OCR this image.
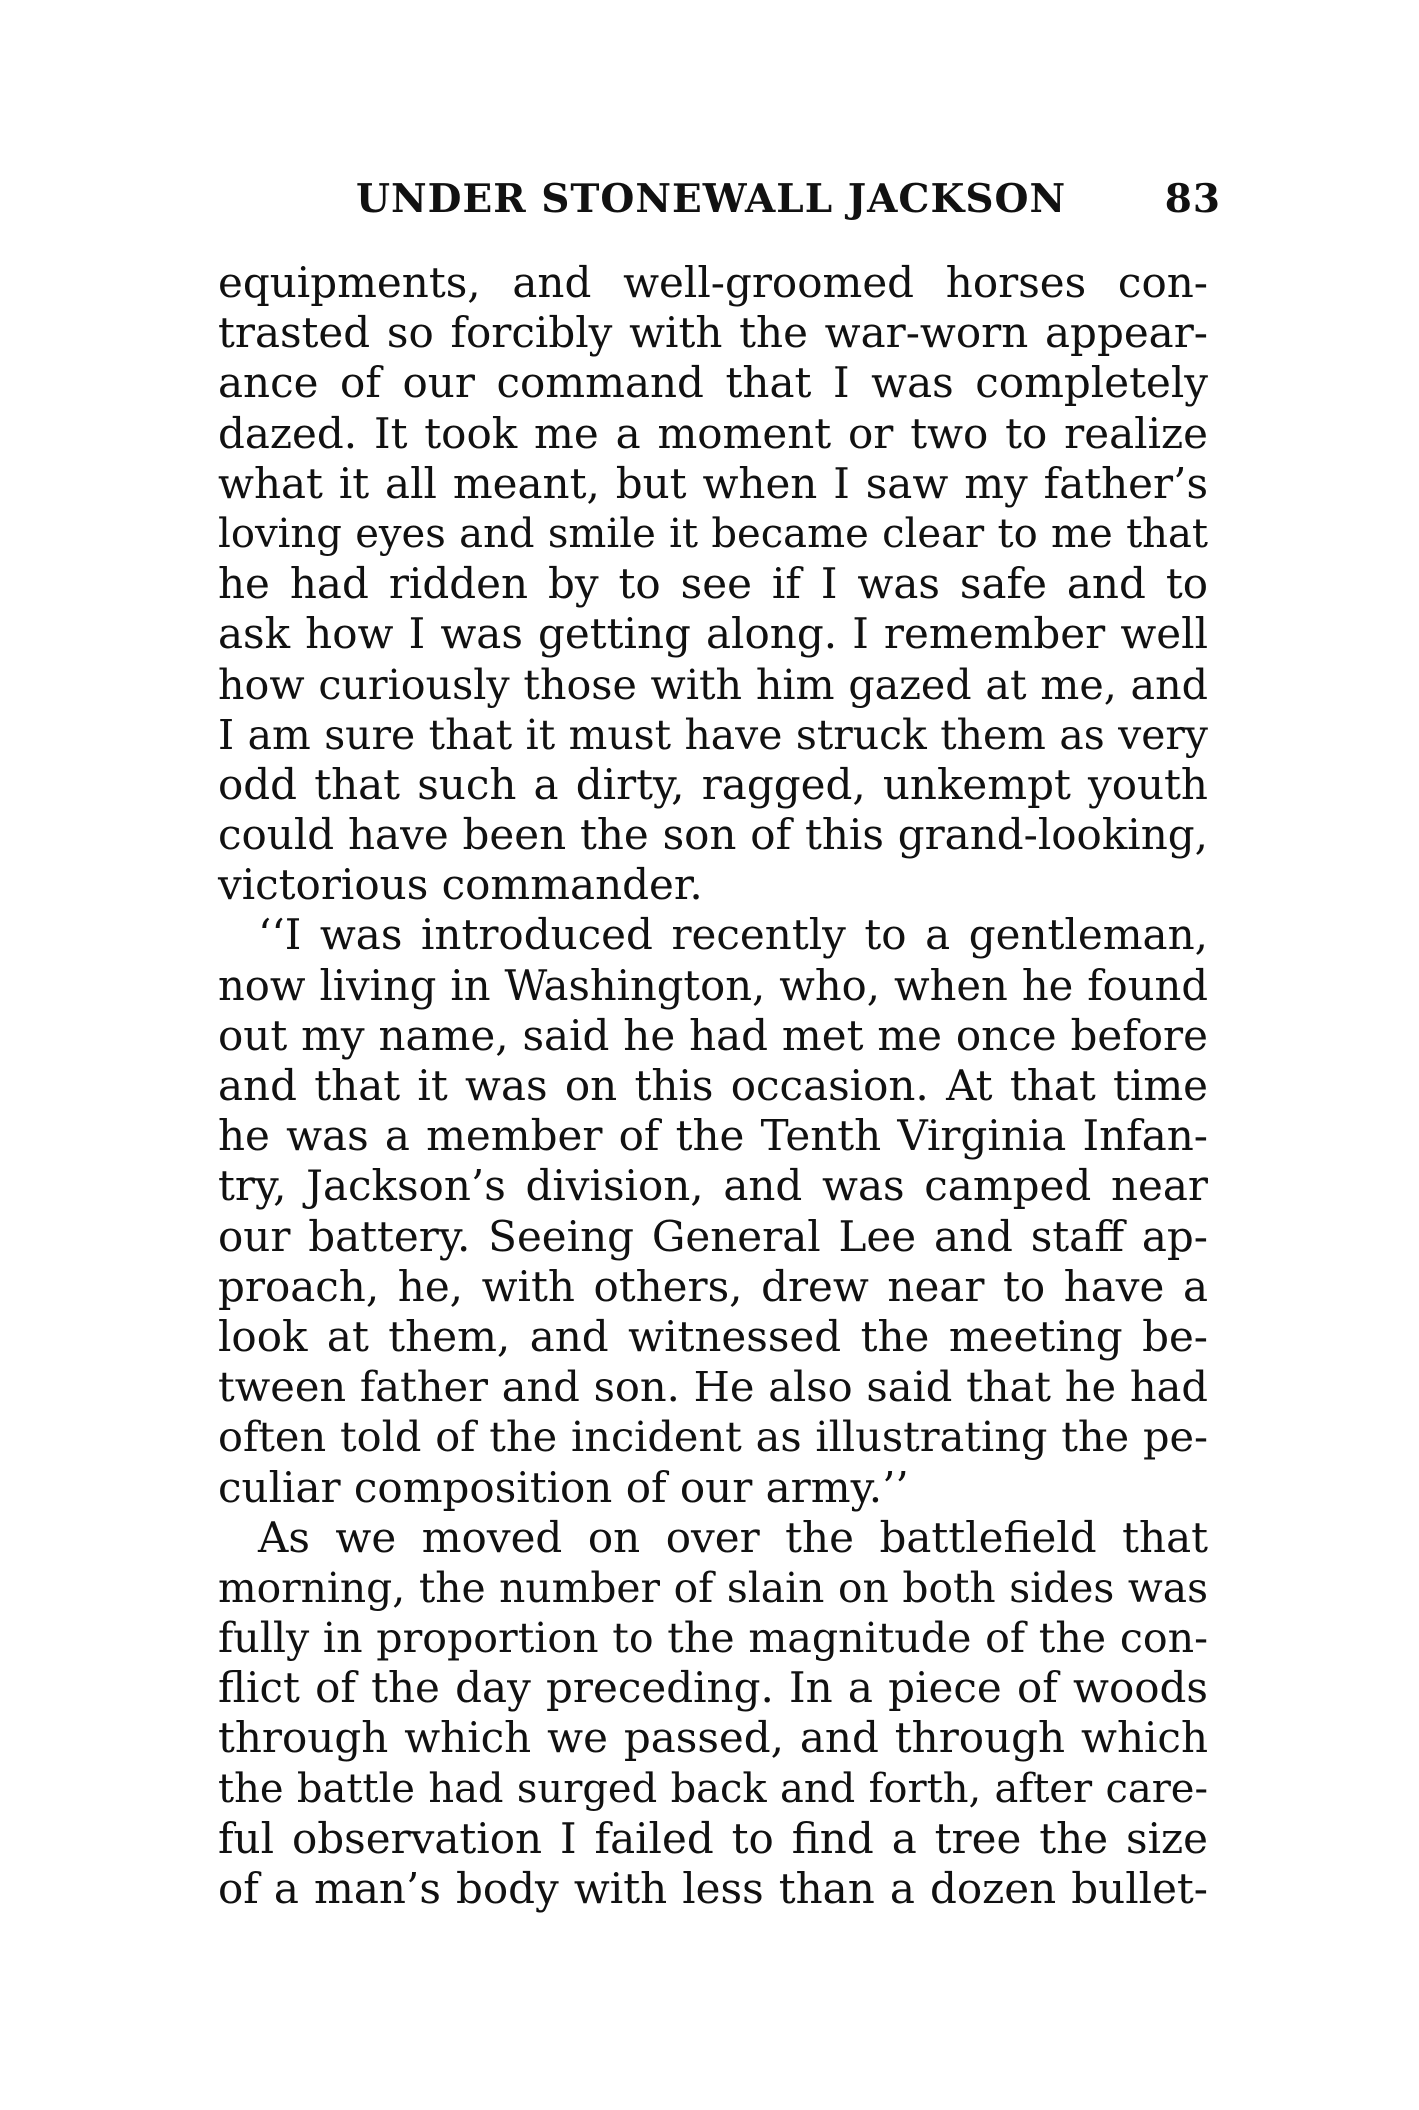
UNDER STONEWALL JACKSON	83
equipments, and well-groomed horses con-
trasted so forcibly with the war-worn appear-
ance of our command that I was completely
dazed. It took me a moment or two to realize
what it all meant, but when I saw my father’s
loving eyes and smile it became clear to me that
he had ridden by to see if I was safe and to
ask how I was getting along. I remember well
how curiously those with him gazed at me, and
I am sure that it must have struck them as very
odd that such a dirty, ragged, unkempt youth
could have been the son of this grand-looking,
victorious commander.
‘‘I was introduced recently to a gentleman,
now living in Washington, who, when he found
out my name, said he had met me once before
and that it was on this occasion. At that time
he was a member of the Tenth Virginia Infan-
try, Jackson’s division, and was camped near
our battery. Seeing General Lee and staff ap-
proach, he, with others, drew near to have a
look at them, and witnessed the meeting be-
tween father and son. He also said that he had
often told of the incident as illustrating the pe-
culiar composition of our army.’’
As we moved on over the battlefield that
morning, the number of slain on both sides was
fully in proportion to the magnitude of the con-
flict of the day preceding. In a piece of woods
through which we passed, and through which
the battle had surged back and forth, after care-
ful observation I failed to find a tree the size
of a man’s body with less than a dozen bullet-
